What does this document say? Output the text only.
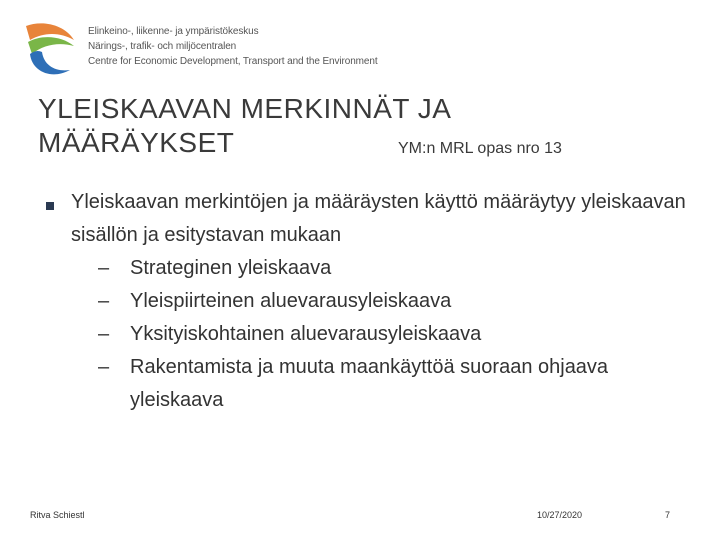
Elinkeino-, liikenne- ja ympäristökeskus
Närings-, trafik- och miljöcentralen
Centre for Economic Development, Transport and the Environment
YLEISKAAVAN MERKINNÄT JA
MÄÄRÄYKSET	YM:n MRL opas nro 13
Yleiskaavan merkintöjen ja määräysten käyttö määräytyy yleiskaavan sisällön ja esitystavan mukaan
–	Strateginen yleiskaava
–	Yleispiirteinen aluevarausyleiskaava
–	Yksityiskohtainen aluevarausyleiskaava
–	Rakentamista ja muuta maankäyttöä suoraan ohjaava yleiskaava
Ritva Schiestl	10/27/2020	7
